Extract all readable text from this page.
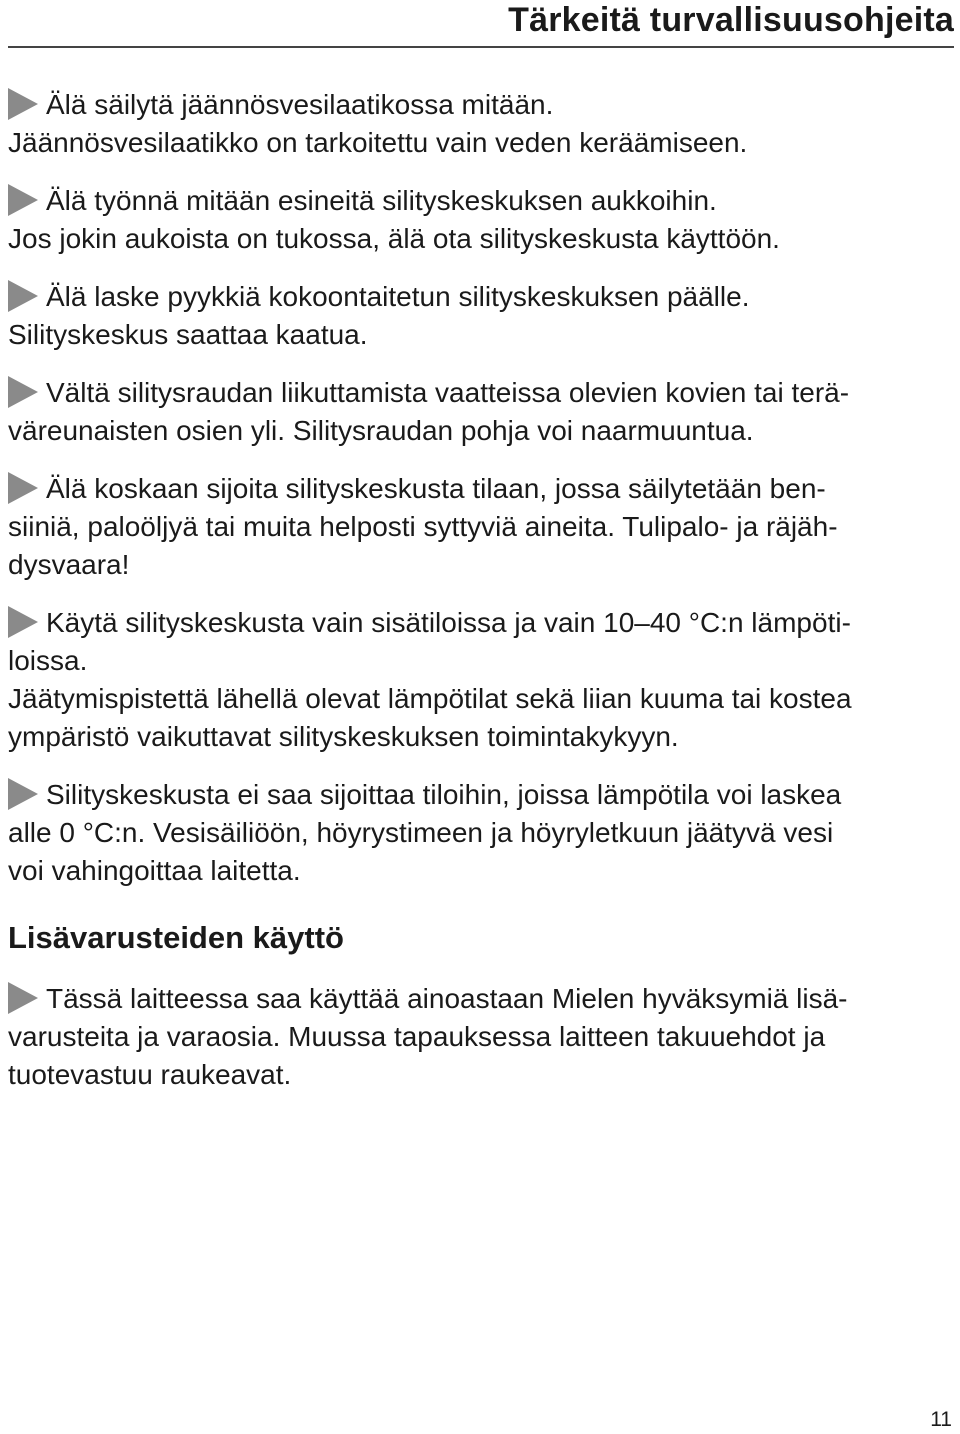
Tärkeitä turvallisuusohjeita

Älä säilytä jäännösvesilaatikossa mitään.
Jäännösvesilaatikko on tarkoitettu vain veden keräämiseen.

Älä työnnä mitään esineitä silityskeskuksen aukkoihin.
Jos jokin aukoista on tukossa, älä ota silityskeskusta käyttöön.

Älä laske pyykkiä kokoontaitetun silityskeskuksen päälle.
Silityskeskus saattaa kaatua.

Vältä silitysraudan liikuttamista vaatteissa olevien kovien tai terä-
väreunaisten osien yli. Silitysraudan pohja voi naarmuuntua.

Älä koskaan sijoita silityskeskusta tilaan, jossa säilytetään ben-
siiniä, paloöljyä tai muita helposti syttyviä aineita. Tulipalo- ja räjäh-
dysvaara!

Käytä silityskeskusta vain sisätiloissa ja vain 10–40 °C:n lämpöti-
loissa.
Jäätymispistettä lähellä olevat lämpötilat sekä liian kuuma tai kostea
ympäristö vaikuttavat silityskeskuksen toimintakykyyn.

Silityskeskusta ei saa sijoittaa tiloihin, joissa lämpötila voi laskea
alle 0 °C:n. Vesisäiliöön, höyrystimeen ja höyryletkuun jäätyvä vesi
voi vahingoittaa laitetta.

Lisävarusteiden käyttö

Tässä laitteessa saa käyttää ainoastaan Mielen hyväksymiä lisä-
varusteita ja varaosia. Muussa tapauksessa laitteen takuuehdot ja
tuotevastuu raukeavat.

11
